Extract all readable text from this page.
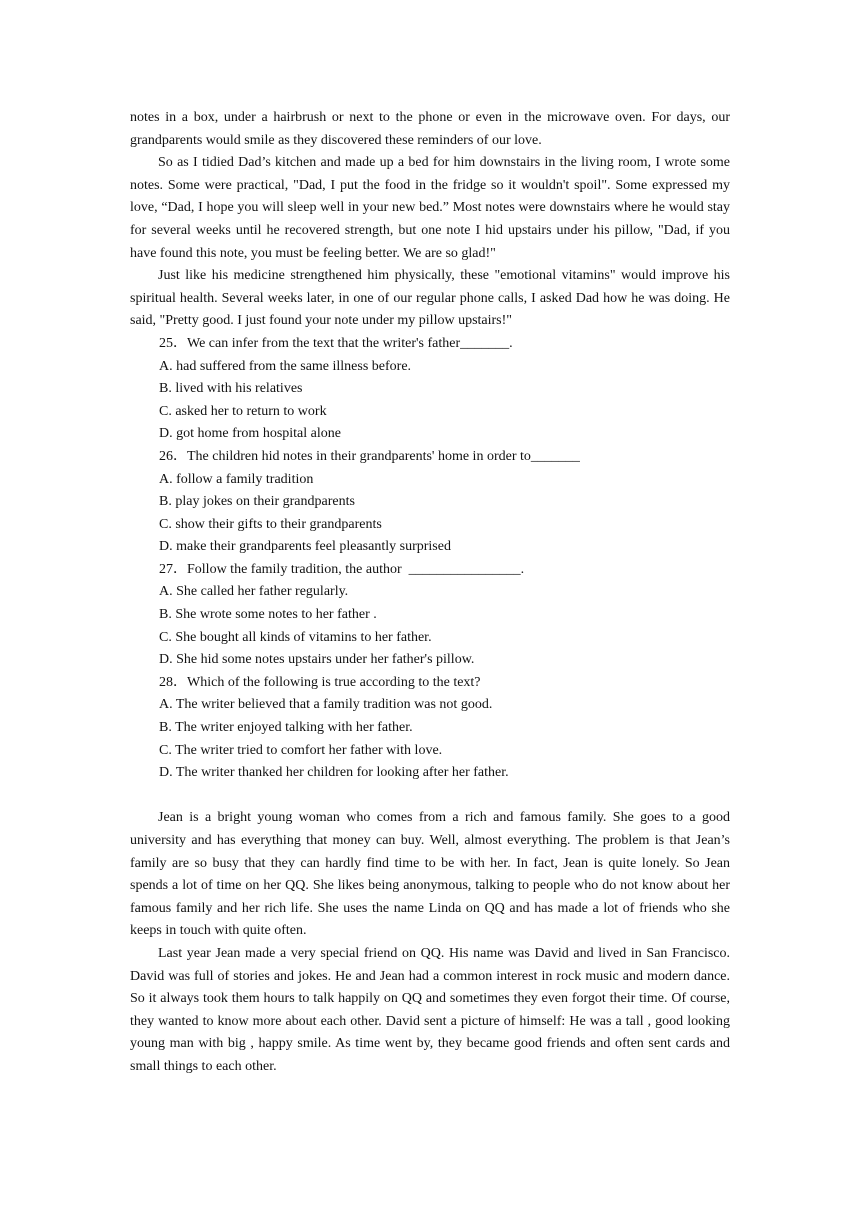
notes in a box, under a hairbrush or next to the phone or even in the microwave oven. For days, our grandparents would smile as they discovered these reminders of our love.

So as I tidied Dad’s kitchen and made up a bed for him downstairs in the living room, I wrote some notes. Some were practical, "Dad, I put the food in the fridge so it wouldn't spoil". Some expressed my love, “Dad, I hope you will sleep well in your new bed.” Most notes were downstairs where he would stay for several weeks until he recovered strength, but one note I hid upstairs under his pillow, "Dad, if you have found this note, you must be feeling better. We are so glad!"

Just like his medicine strengthened him physically, these "emotional vitamins" would improve his spiritual health. Several weeks later, in one of our regular phone calls, I asked Dad how he was doing. He said, "Pretty good. I just found your note under my pillow upstairs!"

25．We can infer from the text that the writer's father_______.

A. had suffered from the same illness before.

B. lived with his relatives

C. asked her to return to work

D. got home from hospital alone

26．The children hid notes in their grandparents' home in order to_______

A. follow a family tradition

B. play jokes on their grandparents

C. show their gifts to their grandparents

D. make their grandparents feel pleasantly surprised

27．Follow the family tradition, the author  ________________.

A. She called her father regularly.

B. She wrote some notes to her father .

C. She bought all kinds of vitamins to her father.

D. She hid some notes upstairs under her father's pillow.

28．Which of the following is true according to the text?

A. The writer believed that a family tradition was not good.

B. The writer enjoyed talking with her father.

C. The writer tried to comfort her father with love.

D. The writer thanked her children for looking after her father.

Jean is a bright young woman who comes from a rich and famous family. She goes to a good university and has everything that money can buy. Well, almost everything. The problem is that Jean’s family are so busy that they can hardly find time to be with her. In fact, Jean is quite lonely. So Jean spends a lot of time on her QQ. She likes being anonymous, talking to people who do not know about her famous family and her rich life. She uses the name Linda on QQ and has made a lot of friends who she keeps in touch with quite often.

Last year Jean made a very special friend on QQ. His name was David and lived in San Francisco. David was full of stories and jokes. He and Jean had a common interest in rock music and modern dance. So it always took them hours to talk happily on QQ and sometimes they even forgot their time. Of course, they wanted to know more about each other. David sent a picture of himself: He was a tall , good looking young man with big , happy smile. As time went by, they became good friends and often sent cards and small things to each other.
